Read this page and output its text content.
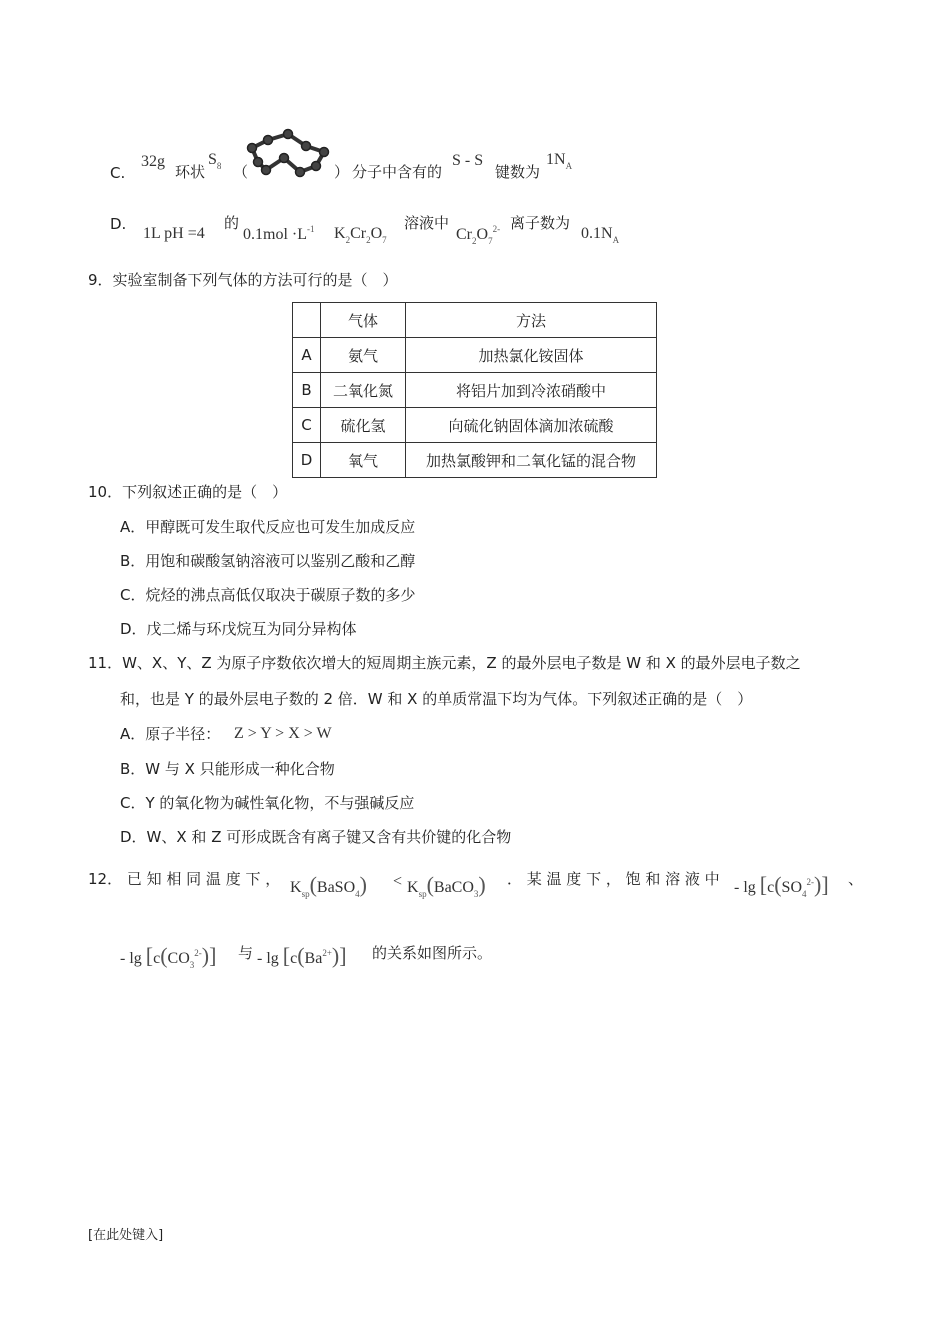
C.
32g
环状
$S_8$ （	） 分子中含有的
S - S
键数为
$1N_A$
D.
1L pH =4
的
$0.1mol \cdot L^{-1}$ $K_2Cr_2O_7$
溶液中
$Cr_2O_7^{2-}$ 离子数为
$0.1N_A$
9．实验室制备下列气体的方法可行的是（　）
	气体	方法
A	氨气	加热氯化铵固体
B	二氧化氮	将铝片加到冷浓硝酸中
C	硫化氢	向硫化钠固体滴加浓硫酸
D	氧气	加热氯酸钾和二氧化锰的混合物
10．下列叙述正确的是（　）
A．甲醇既可发生取代反应也可发生加成反应
B．用饱和碳酸氢钠溶液可以鉴别乙酸和乙醇
C．烷烃的沸点高低仅取决于碳原子数的多少
D．戊二烯与环戊烷互为同分异构体
11．W、X、Y、Z 为原子序数依次增大的短周期主族元素，Z 的最外层电子数是 W 和 X 的最外层电子数之
和，也是 Y 的最外层电子数的 2 倍．W 和 X 的单质常温下均为气体。下列叙述正确的是（　）
A．原子半径： Z > Y > X > W
B．W 与 X 只能形成一种化合物
C．Y 的氧化物为碱性氧化物，不与强碱反应
D．W、X 和 Z 可形成既含有离子键又含有共价键的化合物
12． 已 知 相 同 温 度 下 ， $K_{sp}(BaSO_4)$ < $K_{sp}(BaCO_3)$ ． 某 温 度 下 ， 饱 和 溶 液 中 - $\lg [c(SO_4^{2-})]$ 、
- $\lg [c(CO_3^{2-})]$ 与 - $\lg [c(Ba^{2+})]$ 的关系如图所示。
[在此处键入]
